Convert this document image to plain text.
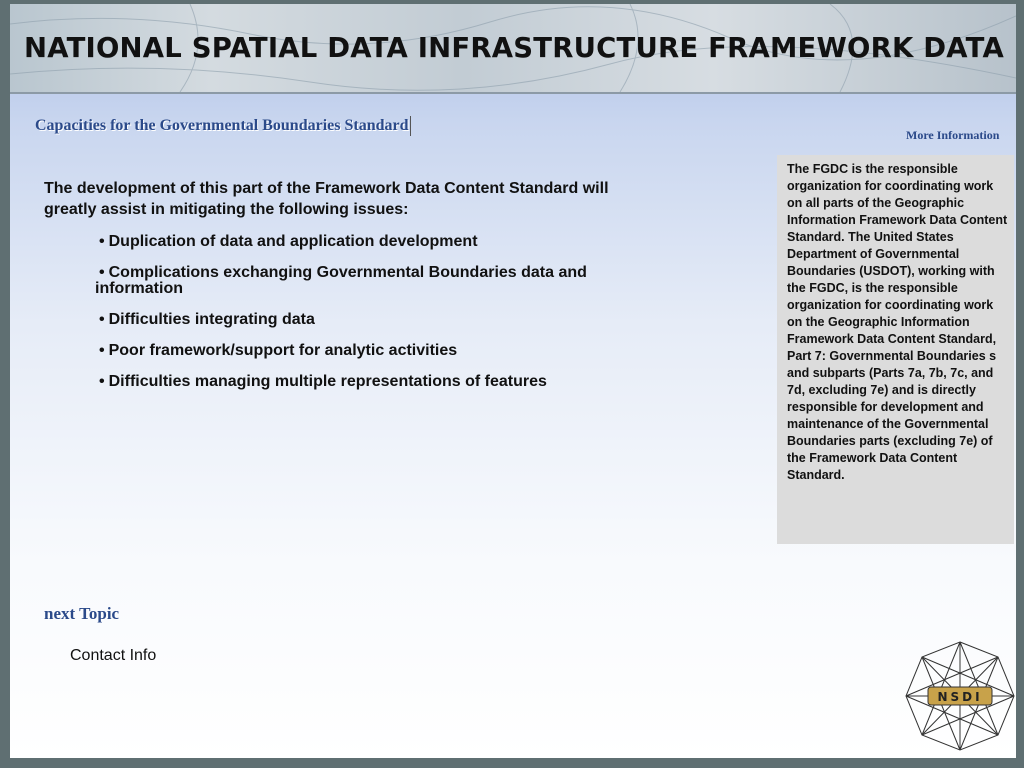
NATIONAL SPATIAL DATA INFRASTRUCTURE FRAMEWORK DATA
Capacities for the Governmental Boundaries Standard
More Information
The development of this part of the Framework Data Content Standard will greatly assist in mitigating the following issues:
• Duplication of data and application development
• Complications exchanging Governmental Boundaries data and information
• Difficulties integrating data
• Poor framework/support for analytic activities
• Difficulties managing multiple representations of features

The FGDC is the responsible organization for coordinating work on all parts of the Geographic Information Framework Data Content Standard. The United States Department of Governmental Boundaries (USDOT), working with the FGDC, is the responsible organization for coordinating work on the Geographic Information Framework Data Content Standard, Part 7: Governmental Boundaries s and subparts (Parts 7a, 7b, 7c, and 7d, excluding 7e) and is directly responsible for development and maintenance of the Governmental Boundaries parts (excluding 7e) of the Framework Data Content Standard.

next Topic
Contact Info
NSDI
